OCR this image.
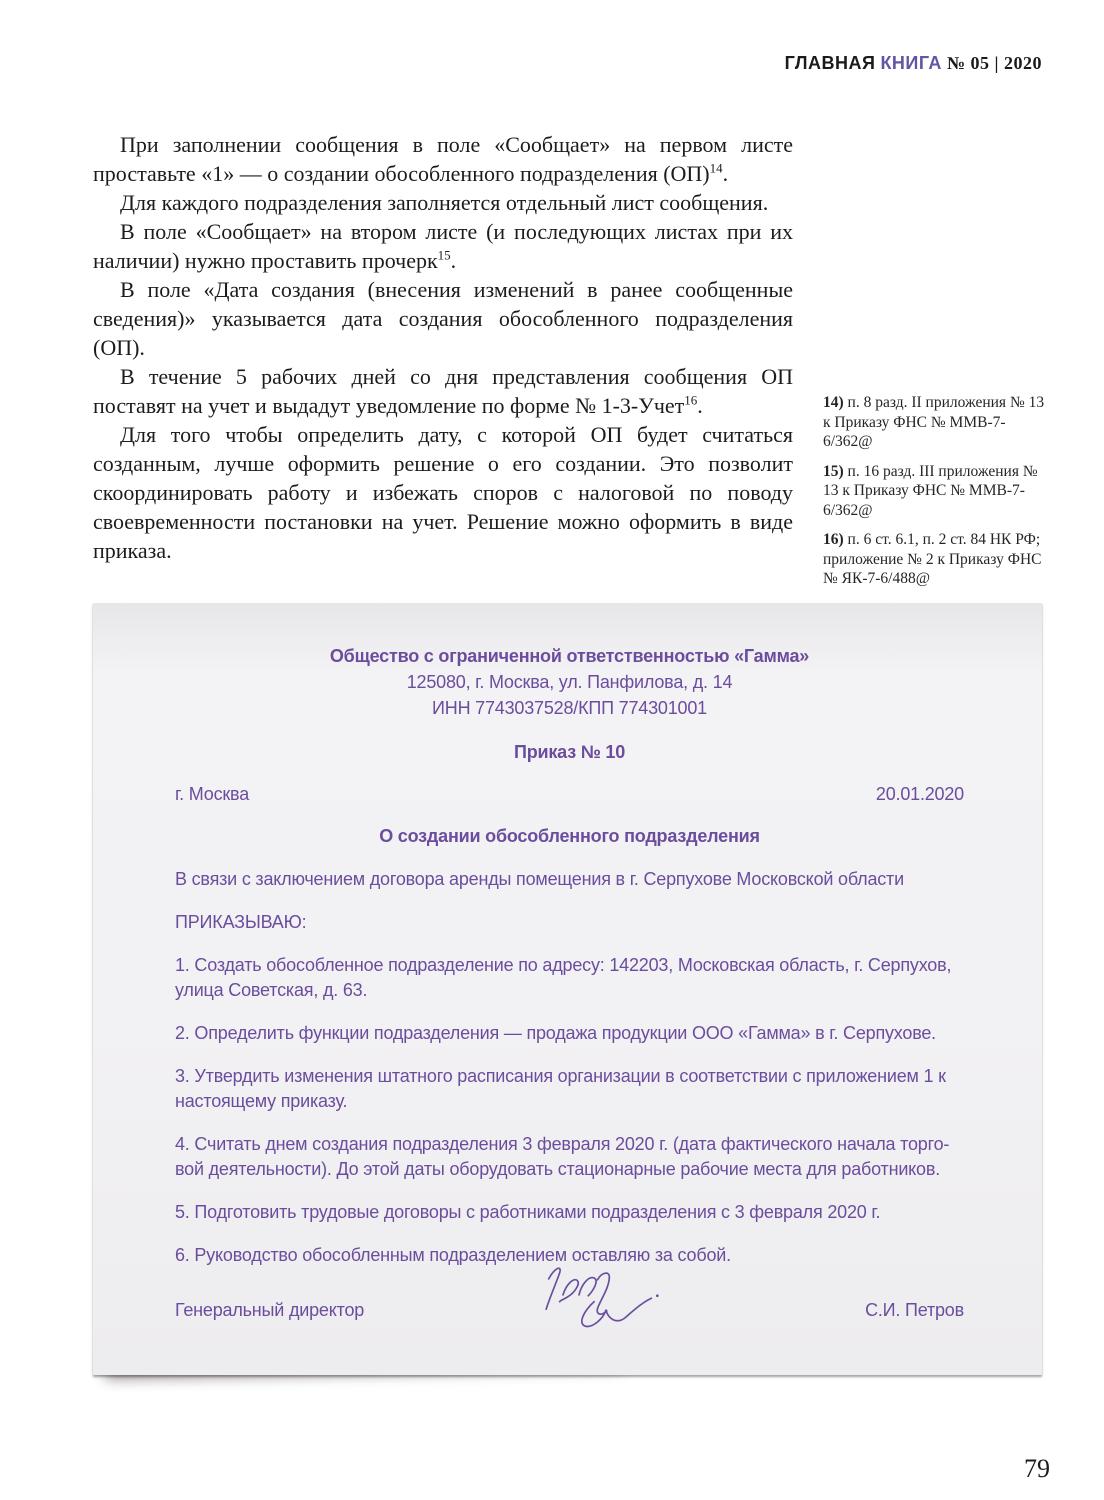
ГЛАВНАЯ КНИГА № 05 | 2020

При заполнении сообщения в поле «Сообщает» на первом листе проставьте «1» — о создании обособленного подразделения (ОП)$^{14}$.

Для каждого подразделения заполняется отдельный лист сообщения.

В поле «Сообщает» на втором листе (и последующих листах при их наличии) нужно проставить прочерк$^{15}$.

В поле «Дата создания (внесения изменений в ранее сообщенные сведения)» указывается дата создания обособленного подразделения (ОП).

В течение 5 рабочих дней со дня представления сообщения ОП поставят на учет и выдадут уведомление по форме № 1-3-Учет$^{16}$.

Для того чтобы определить дату, с которой ОП будет считаться созданным, лучше оформить решение о его создании. Это позволит скоординировать работу и избежать споров с налоговой по поводу своевременности постановки на учет. Решение можно оформить в виде приказа.

14) п. 8 разд. II приложения № 13 к Приказу ФНС № ММВ-7-6/362@

15) п. 16 разд. III приложения № 13 к Приказу ФНС № ММВ-7-6/362@

16) п. 6 ст. 6.1, п. 2 ст. 84 НК РФ; приложение № 2 к Приказу ФНС № ЯК-7-6/488@

Общество с ограниченной ответственностью «Гамма»
125080, г. Москва, ул. Панфилова, д. 14
ИНН 7743037528/КПП 774301001
Приказ № 10
г. Москва	20.01.2020
О создании обособленного подразделения
В связи с заключением договора аренды помещения в г. Серпухове Московской области
ПРИКАЗЫВАЮ:
1. Создать обособленное подразделение по адресу: 142203, Московская область, г. Серпухов, улица Советская, д. 63.
2. Определить функции подразделения — продажа продукции ООО «Гамма» в г. Серпухове.
3. Утвердить изменения штатного расписания организации в соответствии с приложением 1 к настоящему приказу.
4. Считать днем создания подразделения 3 февраля 2020 г. (дата фактического начала торговой деятельности). До этой даты оборудовать стационарные рабочие места для работников.
5. Подготовить трудовые договоры с работниками подразделения с 3 февраля 2020 г.
6. Руководство обособленным подразделением оставляю за собой.
Генеральный директор	С.И. Петров
79
